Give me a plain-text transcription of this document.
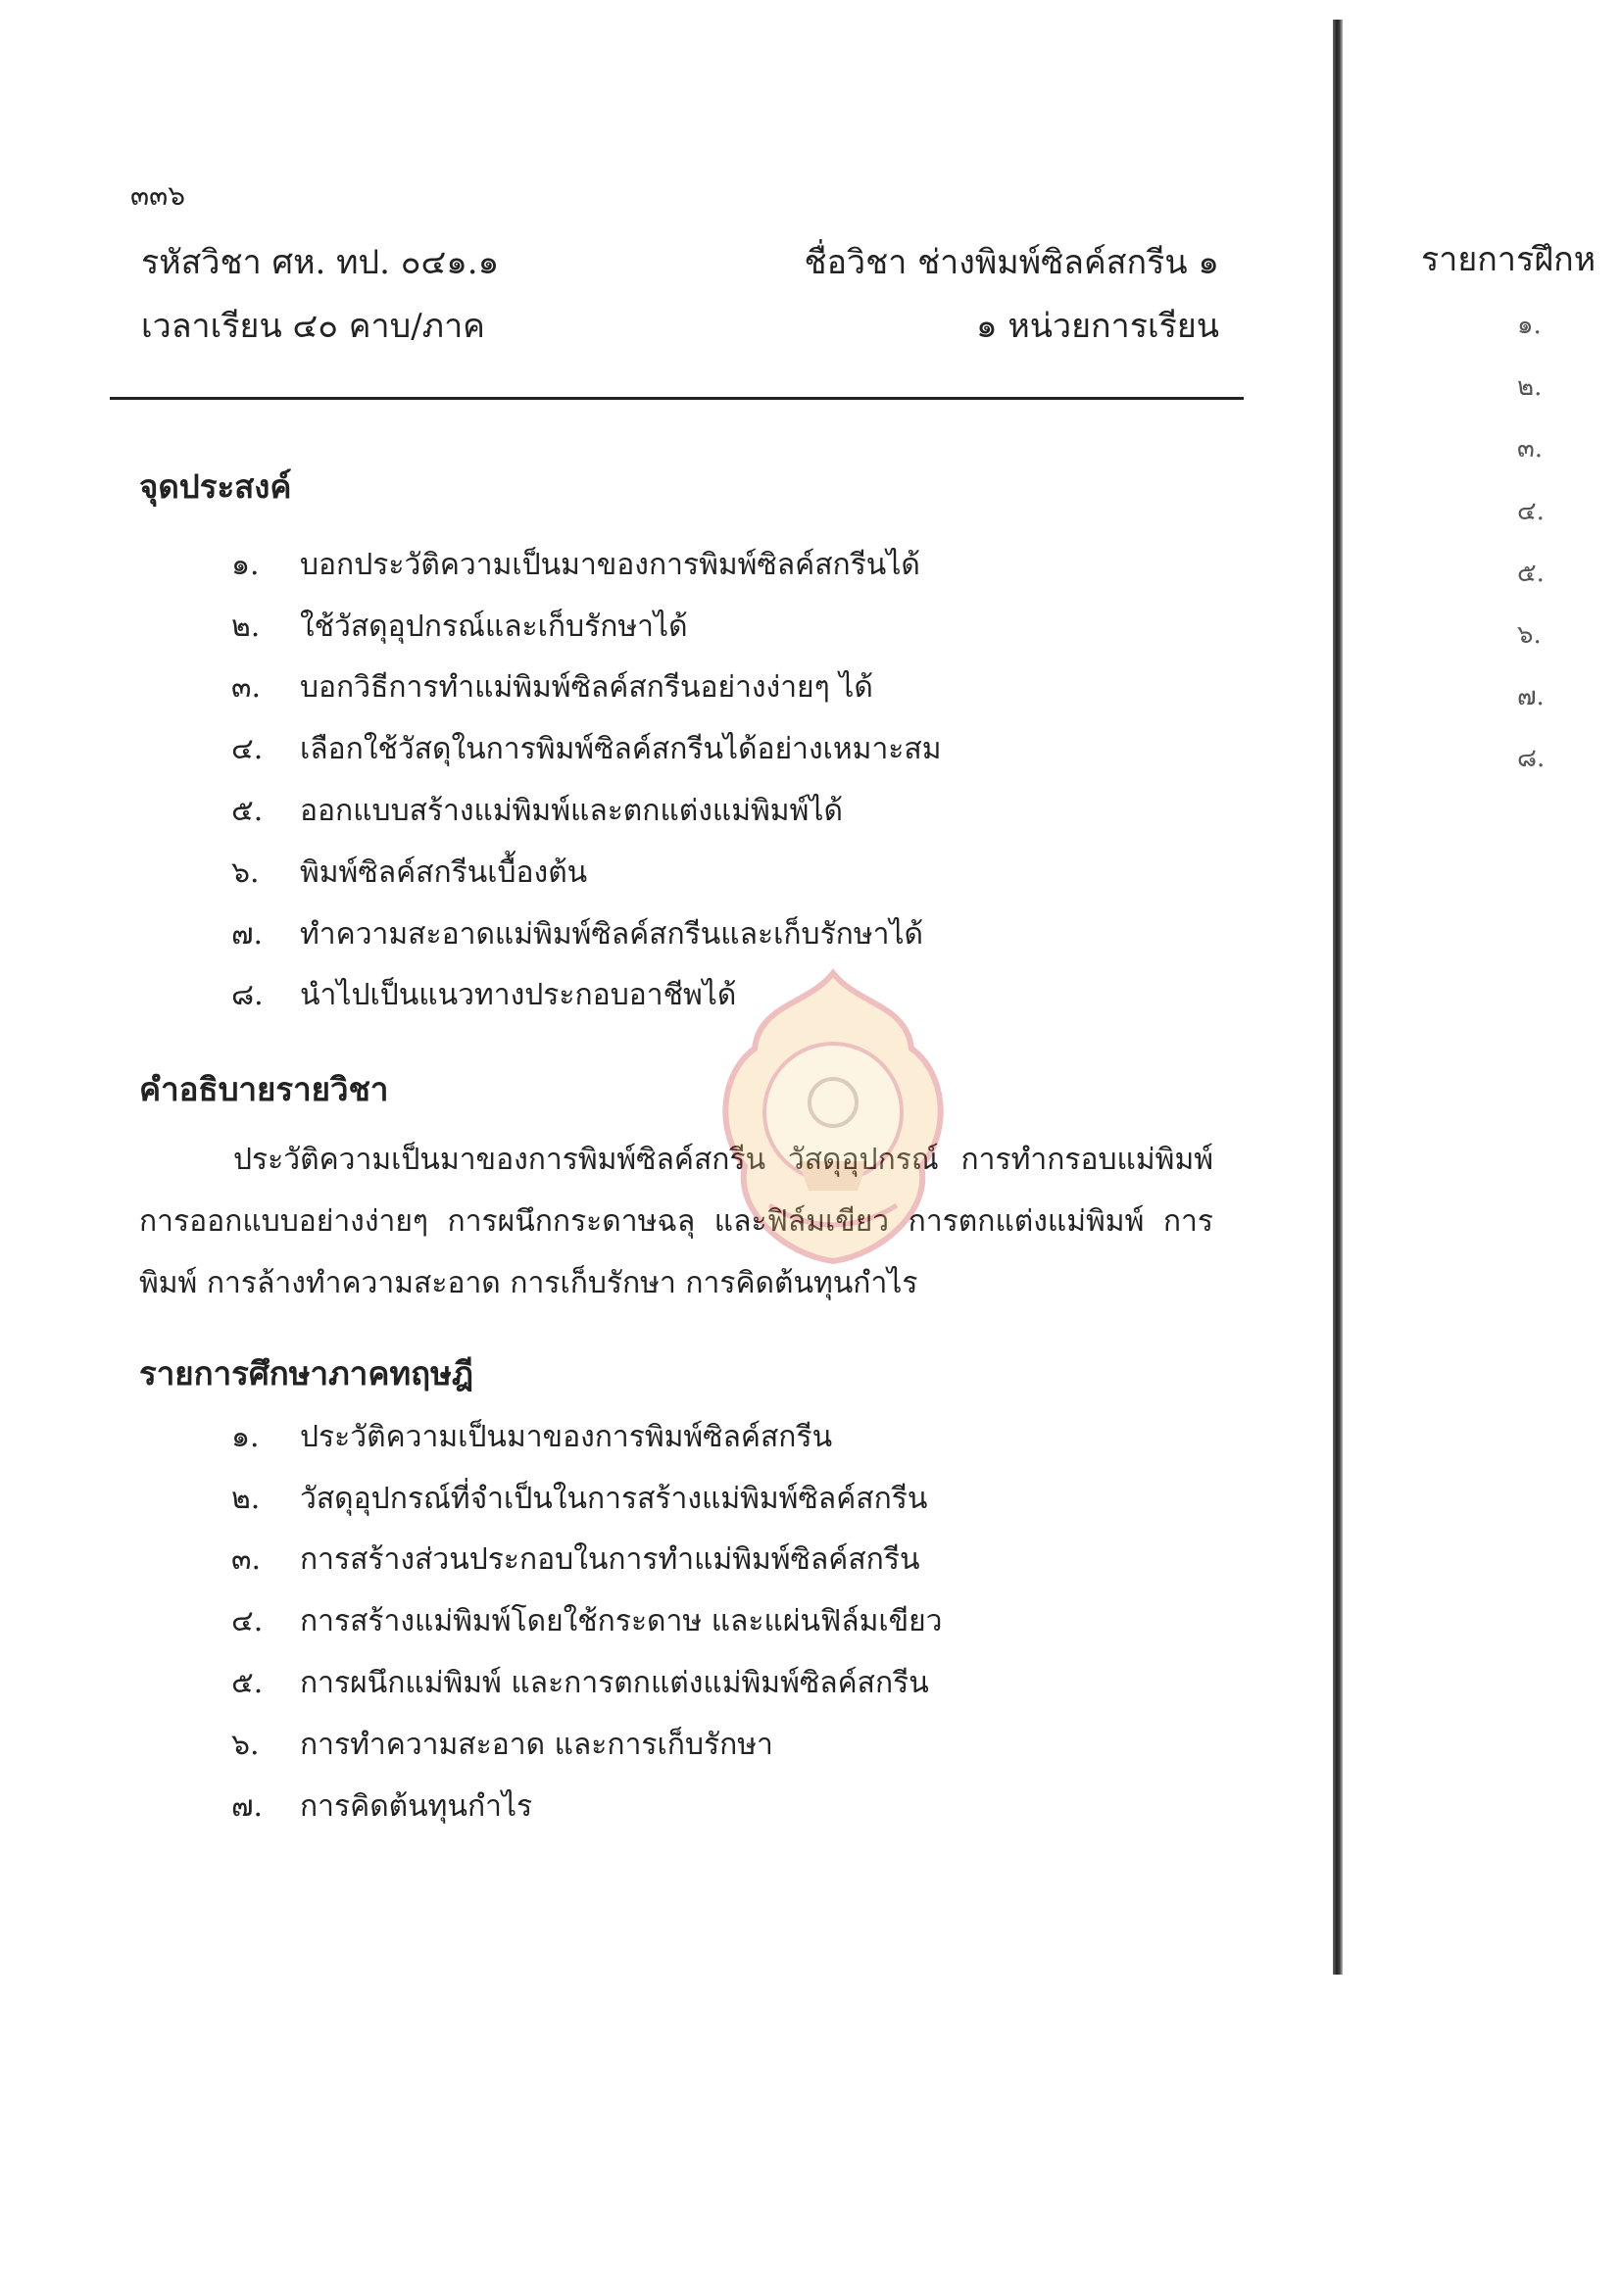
๓๓๖
รหัสวิชา ศห. ทป. ๐๔๑.๑
เวลาเรียน ๔๐ คาบ/ภาค
ชื่อวิชา ช่างพิมพ์ซิลค์สกรีน ๑
๑ หน่วยการเรียน
จุดประสงค์
๑.	บอกประวัติความเป็นมาของการพิมพ์ซิลค์สกรีนได้
๒.	ใช้วัสดุอุปกรณ์และเก็บรักษาได้
๓.	บอกวิธีการทำแม่พิมพ์ซิลค์สกรีนอย่างง่ายๆ ได้
๔.	เลือกใช้วัสดุในการพิมพ์ซิลค์สกรีนได้อย่างเหมาะสม
๕.	ออกแบบสร้างแม่พิมพ์และตกแต่งแม่พิมพ์ได้
๖.	พิมพ์ซิลค์สกรีนเบื้องต้น
๗.	ทำความสะอาดแม่พิมพ์ซิลค์สกรีนและเก็บรักษาได้
๘.	นำไปเป็นแนวทางประกอบอาชีพได้
คำอธิบายรายวิชา

ประวัติความเป็นมาของการพิมพ์ซิลค์สกรีน วัสดุอุปกรณ์ การทำกรอบแม่พิมพ์ การออกแบบอย่างง่ายๆ การผนึกกระดาษฉลุ และฟิล์มเขียว การตกแต่งแม่พิมพ์ การพิมพ์ การล้างทำความสะอาด การเก็บรักษา การคิดต้นทุนกำไร

รายการศึกษาภาคทฤษฎี
๑.	ประวัติความเป็นมาของการพิมพ์ซิลค์สกรีน
๒.	วัสดุอุปกรณ์ที่จำเป็นในการสร้างแม่พิมพ์ซิลค์สกรีน
๓.	การสร้างส่วนประกอบในการทำแม่พิมพ์ซิลค์สกรีน
๔.	การสร้างแม่พิมพ์โดยใช้กระดาษ และแผ่นฟิล์มเขียว
๕.	การผนึกแม่พิมพ์ และการตกแต่งแม่พิมพ์ซิลค์สกรีน
๖.	การทำความสะอาด และการเก็บรักษา
๗.	การคิดต้นทุนกำไร
รายการฝึกห
๑.
๒.
๓.
๔.
๕.
๖.
๗.
๘.
